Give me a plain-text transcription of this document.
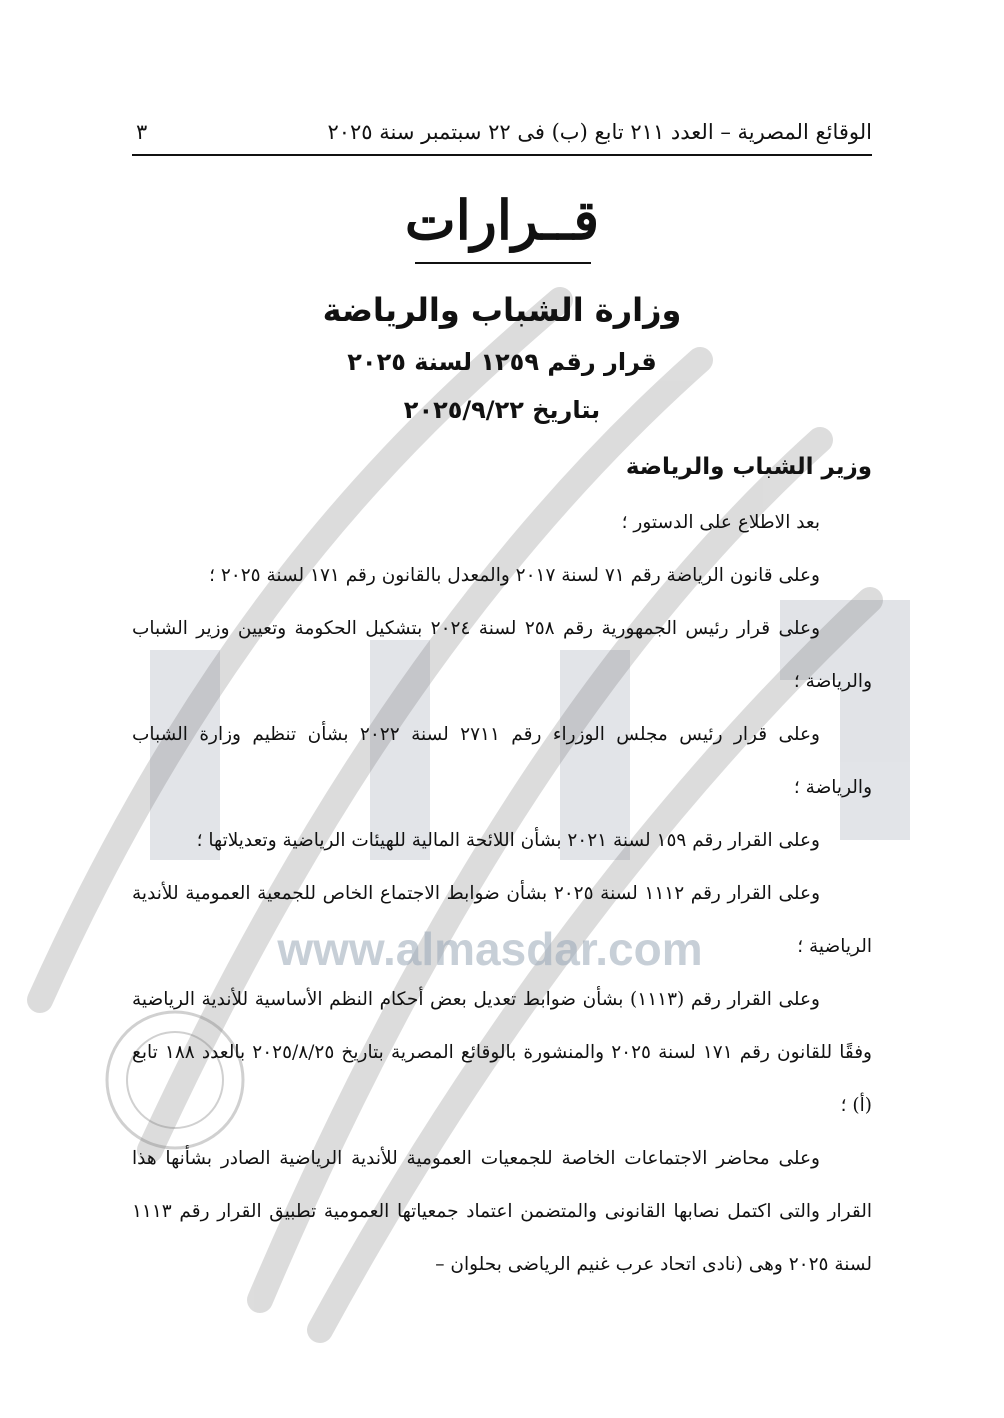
www.almasdar.com
الوقائع المصرية – العدد ٢١١ تابع (ب) فى ٢٢ سبتمبر سنة ٢٠٢٥
٣
قــرارات
وزارة الشباب والرياضة
قرار رقم ١٢٥٩ لسنة ٢٠٢٥
بتاريخ ٢٠٢٥/٩/٢٢
وزير الشباب والرياضة

بعد الاطلاع على الدستور ؛

وعلى قانون الرياضة رقم ٧١ لسنة ٢٠١٧ والمعدل بالقانون رقم ١٧١ لسنة ٢٠٢٥ ؛

وعلى قرار رئيس الجمهورية رقم ٢٥٨ لسنة ٢٠٢٤ بتشكيل الحكومة وتعيين وزير الشباب والرياضة ؛

وعلى قرار رئيس مجلس الوزراء رقم ٢٧١١ لسنة ٢٠٢٢ بشأن تنظيم وزارة الشباب والرياضة ؛

وعلى القرار رقم ١٥٩ لسنة ٢٠٢١ بشأن اللائحة المالية للهيئات الرياضية وتعديلاتها ؛

وعلى القرار رقم ١١١٢ لسنة ٢٠٢٥ بشأن ضوابط الاجتماع الخاص للجمعية العمومية للأندية الرياضية ؛

وعلى القرار رقم (١١١٣) بشأن ضوابط تعديل بعض أحكام النظم الأساسية للأندية الرياضية وفقًا للقانون رقم ١٧١ لسنة ٢٠٢٥ والمنشورة بالوقائع المصرية بتاريخ ٢٠٢٥/٨/٢٥ بالعدد ١٨٨ تابع (أ) ؛

وعلى محاضر الاجتماعات الخاصة للجمعيات العمومية للأندية الرياضية الصادر بشأنها هذا القرار والتى اكتمل نصابها القانونى والمتضمن اعتماد جمعياتها العمومية تطبيق القرار رقم ١١١٣ لسنة ٢٠٢٥ وهى (نادى اتحاد عرب غنيم الرياضى بحلوان –
